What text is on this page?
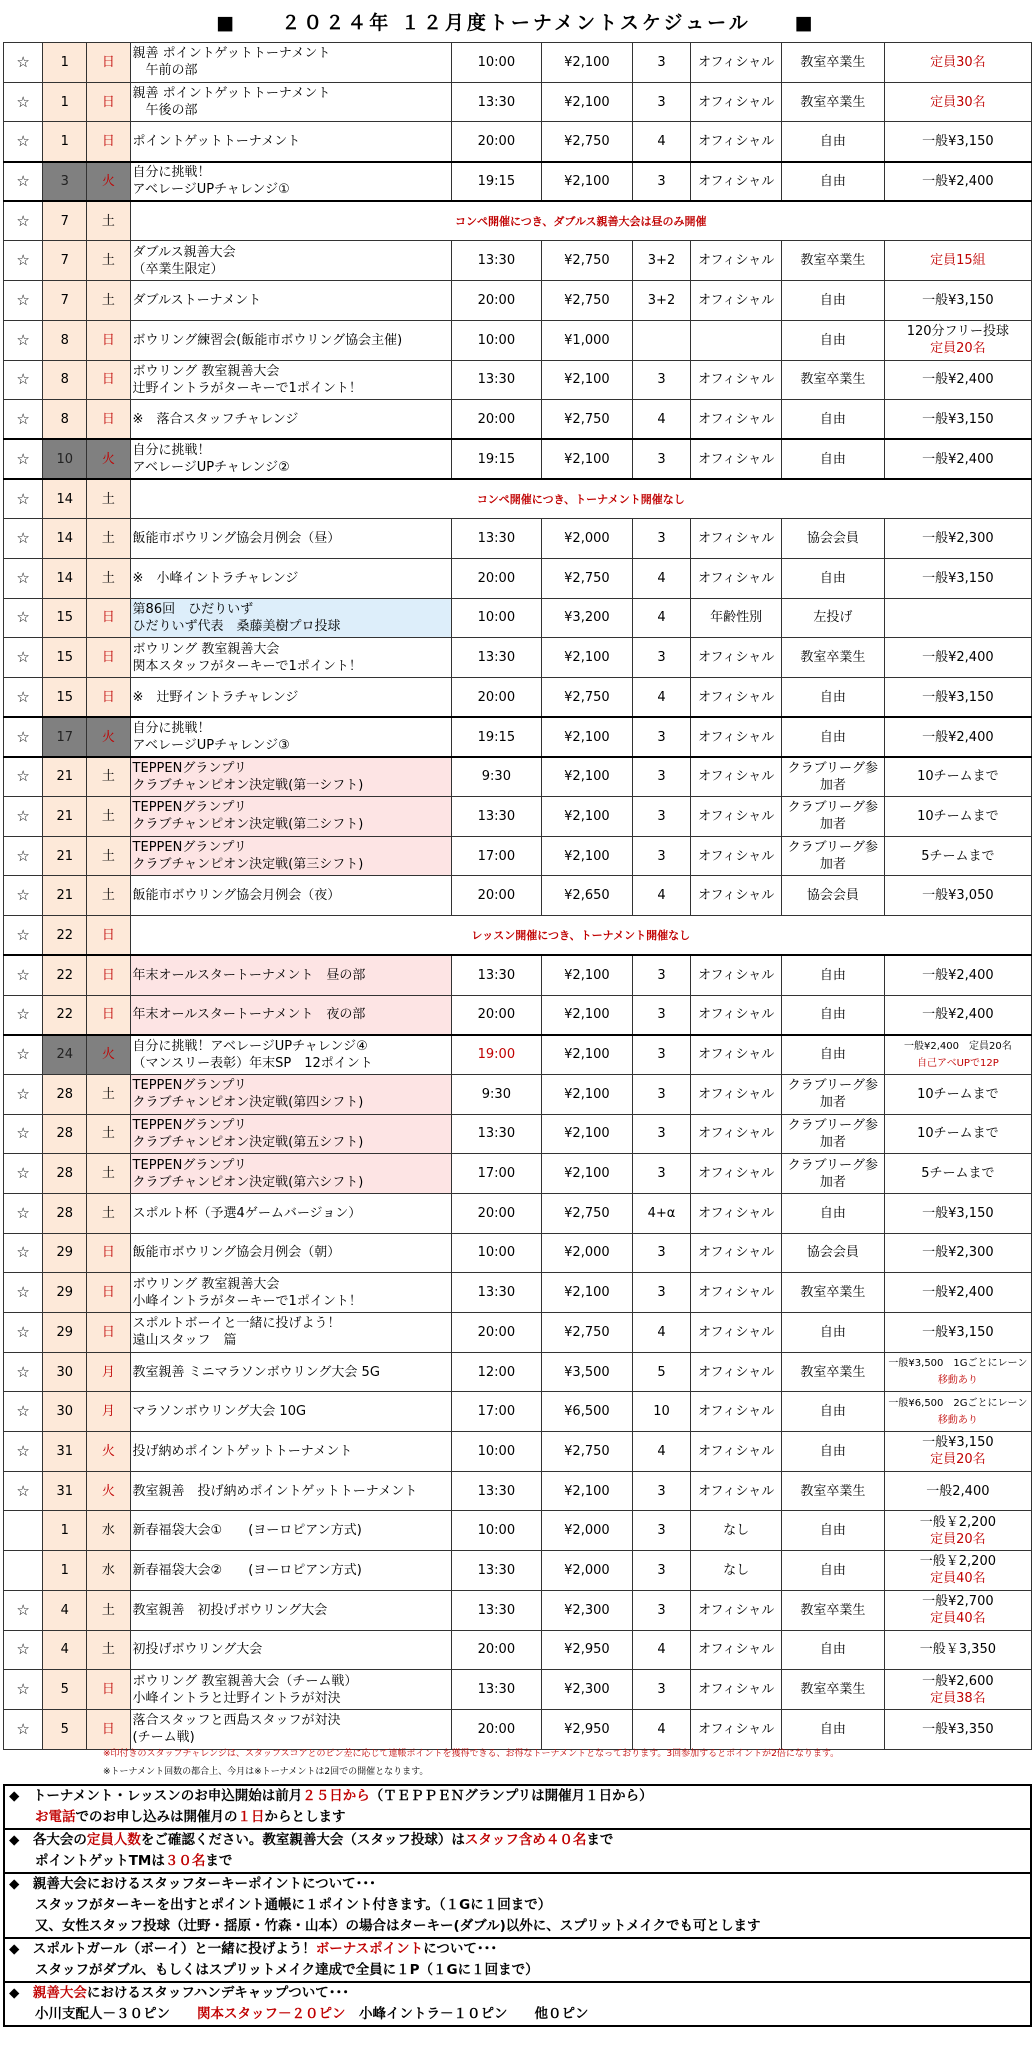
■　　２０２４年 １２月度トーナメントスケジュール　　■
☆	1	日	親善 ポイントゲットトーナメント
　午前の部	10:00	¥2,100	3	オフィシャル	教室卒業生	定員30名

☆	1	日	親善 ポイントゲットトーナメント
　午後の部	13:30	¥2,100	3	オフィシャル	教室卒業生	定員30名

☆	1	日	ポイントゲットトーナメント	20:00	¥2,750	4	オフィシャル	自由	一般¥3,150

☆	3	火	自分に挑戦！
アベレージUPチャレンジ①	19:15	¥2,100	3	オフィシャル	自由	一般¥2,400

☆	7	土	コンペ開催につき、ダブルス親善大会は昼のみ開催						
☆	7	土	ダブルス親善大会
（卒業生限定）	13:30	¥2,750	3+2	オフィシャル	教室卒業生	定員15組

☆	7	土	ダブルストーナメント	20:00	¥2,750	3+2	オフィシャル	自由	一般¥3,150

☆	8	日	ボウリング練習会(飯能市ボウリング協会主催)	10:00	¥1,000			自由	120分フリー投球
定員20名

☆	8	日	ボウリング 教室親善大会
辻野イントラがターキーで1ポイント！	13:30	¥2,100	3	オフィシャル	教室卒業生	一般¥2,400

☆	8	日	※　落合スタッフチャレンジ	20:00	¥2,750	4	オフィシャル	自由	一般¥3,150

☆	10	火	自分に挑戦！
アベレージUPチャレンジ②	19:15	¥2,100	3	オフィシャル	自由	一般¥2,400

☆	14	土	コンペ開催につき、トーナメント開催なし						
☆	14	土	飯能市ボウリング協会月例会（昼）	13:30	¥2,000	3	オフィシャル	協会会員	一般¥2,300

☆	14	土	※　小峰イントラチャレンジ	20:00	¥2,750	4	オフィシャル	自由	一般¥3,150

☆	15	日	第86回　ひだりいず
ひだりいず代表　桑藤美樹プロ投球	10:00	¥3,200	4	年齢性別	左投げ	

☆	15	日	ボウリング 教室親善大会
関本スタッフがターキーで1ポイント！	13:30	¥2,100	3	オフィシャル	教室卒業生	一般¥2,400

☆	15	日	※　辻野イントラチャレンジ	20:00	¥2,750	4	オフィシャル	自由	一般¥3,150

☆	17	火	自分に挑戦！
アベレージUPチャレンジ③	19:15	¥2,100	3	オフィシャル	自由	一般¥2,400

☆	21	土	TEPPENグランプリ
クラブチャンピオン決定戦(第一シフト)	9:30	¥2,100	3	オフィシャル	クラブリーグ参加者	10チームまで

☆	21	土	TEPPENグランプリ
クラブチャンピオン決定戦(第二シフト)	13:30	¥2,100	3	オフィシャル	クラブリーグ参加者	10チームまで

☆	21	土	TEPPENグランプリ
クラブチャンピオン決定戦(第三シフト)	17:00	¥2,100	3	オフィシャル	クラブリーグ参加者	5チームまで

☆	21	土	飯能市ボウリング協会月例会（夜）	20:00	¥2,650	4	オフィシャル	協会会員	一般¥3,050

☆	22	日	レッスン開催につき、トーナメント開催なし						
☆	22	日	年末オールスタートーナメント　昼の部	13:30	¥2,100	3	オフィシャル	自由	一般¥2,400

☆	22	日	年末オールスタートーナメント　夜の部	20:00	¥2,100	3	オフィシャル	自由	一般¥2,400

☆	24	火	自分に挑戦！アベレージUPチャレンジ④
（マンスリー表彰）年末SP　12ポイント	19:00	¥2,100	3	オフィシャル	自由	一般¥2,400　定員20名
自己アベUPで12P

☆	28	土	TEPPENグランプリ
クラブチャンピオン決定戦(第四シフト)	9:30	¥2,100	3	オフィシャル	クラブリーグ参加者	10チームまで

☆	28	土	TEPPENグランプリ
クラブチャンピオン決定戦(第五シフト)	13:30	¥2,100	3	オフィシャル	クラブリーグ参加者	10チームまで

☆	28	土	TEPPENグランプリ
クラブチャンピオン決定戦(第六シフト)	17:00	¥2,100	3	オフィシャル	クラブリーグ参加者	5チームまで

☆	28	土	スポルト杯（予選4ゲームバージョン）	20:00	¥2,750	4+α	オフィシャル	自由	一般¥3,150

☆	29	日	飯能市ボウリング協会月例会（朝）	10:00	¥2,000	3	オフィシャル	協会会員	一般¥2,300

☆	29	日	ボウリング 教室親善大会
小峰イントラがターキーで1ポイント！	13:30	¥2,100	3	オフィシャル	教室卒業生	一般¥2,400

☆	29	日	スポルトボーイと一緒に投げよう！
遠山スタッフ　篇	20:00	¥2,750	4	オフィシャル	自由	一般¥3,150

☆	30	月	教室親善 ミニマラソンボウリング大会 5G	12:00	¥3,500	5	オフィシャル	教室卒業生	一般¥3,500　1Gごとにレーン
移動あり

☆	30	月	マラソンボウリング大会 10G	17:00	¥6,500	10	オフィシャル	自由	一般¥6,500　2Gごとにレーン
移動あり

☆	31	火	投げ納めポイントゲットトーナメント	10:00	¥2,750	4	オフィシャル	自由	一般¥3,150
定員20名

☆	31	火	教室親善　投げ納めポイントゲットトーナメント	13:30	¥2,100	3	オフィシャル	教室卒業生	一般2,400

	1	水	新春福袋大会①　　(ヨーロピアン方式)	10:00	¥2,000	3	なし	自由	一般￥2,200
定員20名

	1	水	新春福袋大会②　　(ヨーロピアン方式)	13:30	¥2,000	3	なし	自由	一般￥2,200
定員40名

☆	4	土	教室親善　初投げボウリング大会	13:30	¥2,300	3	オフィシャル	教室卒業生	一般¥2,700
定員40名

☆	4	土	初投げボウリング大会	20:00	¥2,950	4	オフィシャル	自由	一般￥3,350

☆	5	日	ボウリング 教室親善大会（チーム戦）
小峰イントラと辻野イントラが対決	13:30	¥2,300	3	オフィシャル	教室卒業生	一般¥2,600
定員38名

☆	5	日	落合スタッフと西島スタッフが対決
(チーム戦)	20:00	¥2,950	4	オフィシャル	自由	一般¥3,350
※印付きのスタッフチャレンジは、スタッフスコアとのピン差に応じて連帳ポイントを獲得できる、お得なトーナメントとなっております。3回参加するとポイントが2倍になります。
※トーナメント回数の都合上、今月は※トーナメントは2回での開催となります。
◆　トーナメント・レッスンのお申込開始は前月２５日から（ＴＥＰＰＥＮグランプリは開催月１日から）
お電話でのお申し込みは開催月の１日からとします
◆　各大会の定員人数をご確認ください。教室親善大会（スタッフ投球）はスタッフ含め４０名まで
ポイントゲットTMは３０名まで
◆　親善大会におけるスタッフターキーポイントについて･･･
スタッフがターキーを出すとポイント通帳に１ポイント付きます。（１Gに１回まで）
又、女性スタッフ投球（辻野・揺原・竹森・山本）の場合はターキー(ダブル)以外に、スプリットメイクでも可とします
◆　スポルトガール（ボーイ）と一緒に投げよう！ボーナスポイントについて･･･
スタッフがダブル、もしくはスプリットメイク達成で全員に１P（１Gに１回まで）
◆　親善大会におけるスタッフハンデキャップついて･･･
小川支配人－３０ピン　　関本スタッフ－２０ピン　小峰イントラ－１０ピン　　他０ピン
